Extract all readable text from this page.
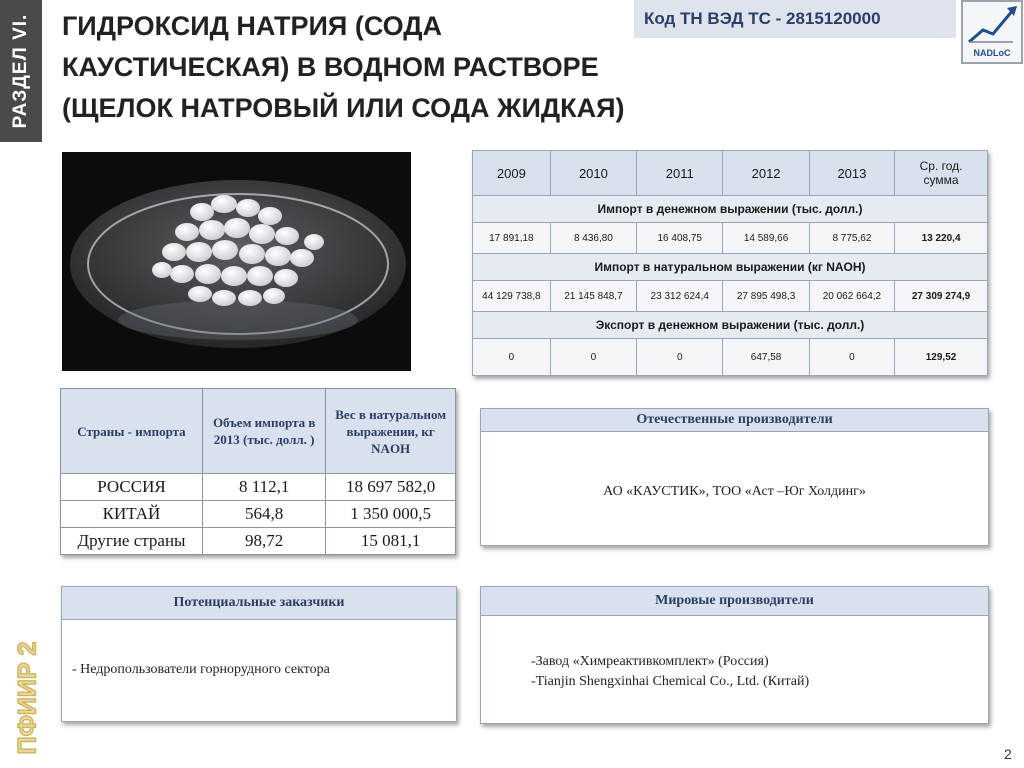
РАЗДЕЛ VI. ГИДРОКСИД НАТРИЯ (СОДА
КАУСТИЧЕСКАЯ) В ВОДНОМ РАСТВОРЕ
(ЩЕЛОК НАТРОВЫЙ ИЛИ СОДА ЖИДКАЯ)
Код ТН ВЭД ТС - 2815120000
NADLoC
2009	2010	2011	2012	2013	Ср. год. сумма
Импорт в денежном выражении (тыс. долл.)					
17 891,18	8 436,80	16 408,75	14 589,66	8 775,62	13 220,4
Импорт в натуральном выражении (кг NAOH)					
44 129 738,8	21 145 848,7	23 312 624,4	27 895 498,3	20 062 664,2	27 309 274,9
Экспорт в денежном выражении (тыс. долл.)					
0	0	0	647,58	0	129,52
Страны - импорта	Объем импорта в 2013 (тыс. долл. )	Вес в натуральном выражении, кг NAOH
РОССИЯ	8 112,1	18 697 582,0
КИТАЙ	564,8	1 350 000,5
Другие страны	98,72	15 081,1
Отечественные производители
АО «КАУСТИК», ТОО «Аст –Юг Холдинг»
Потенциальные заказчики
- Недропользователи горнорудного сектора
Мировые производители
-Завод «Химреактивкомплект» (Россия)
-Tianjin Shengxinhai Chemical Co., Ltd. (Китай)
ПФИИР 2	2
